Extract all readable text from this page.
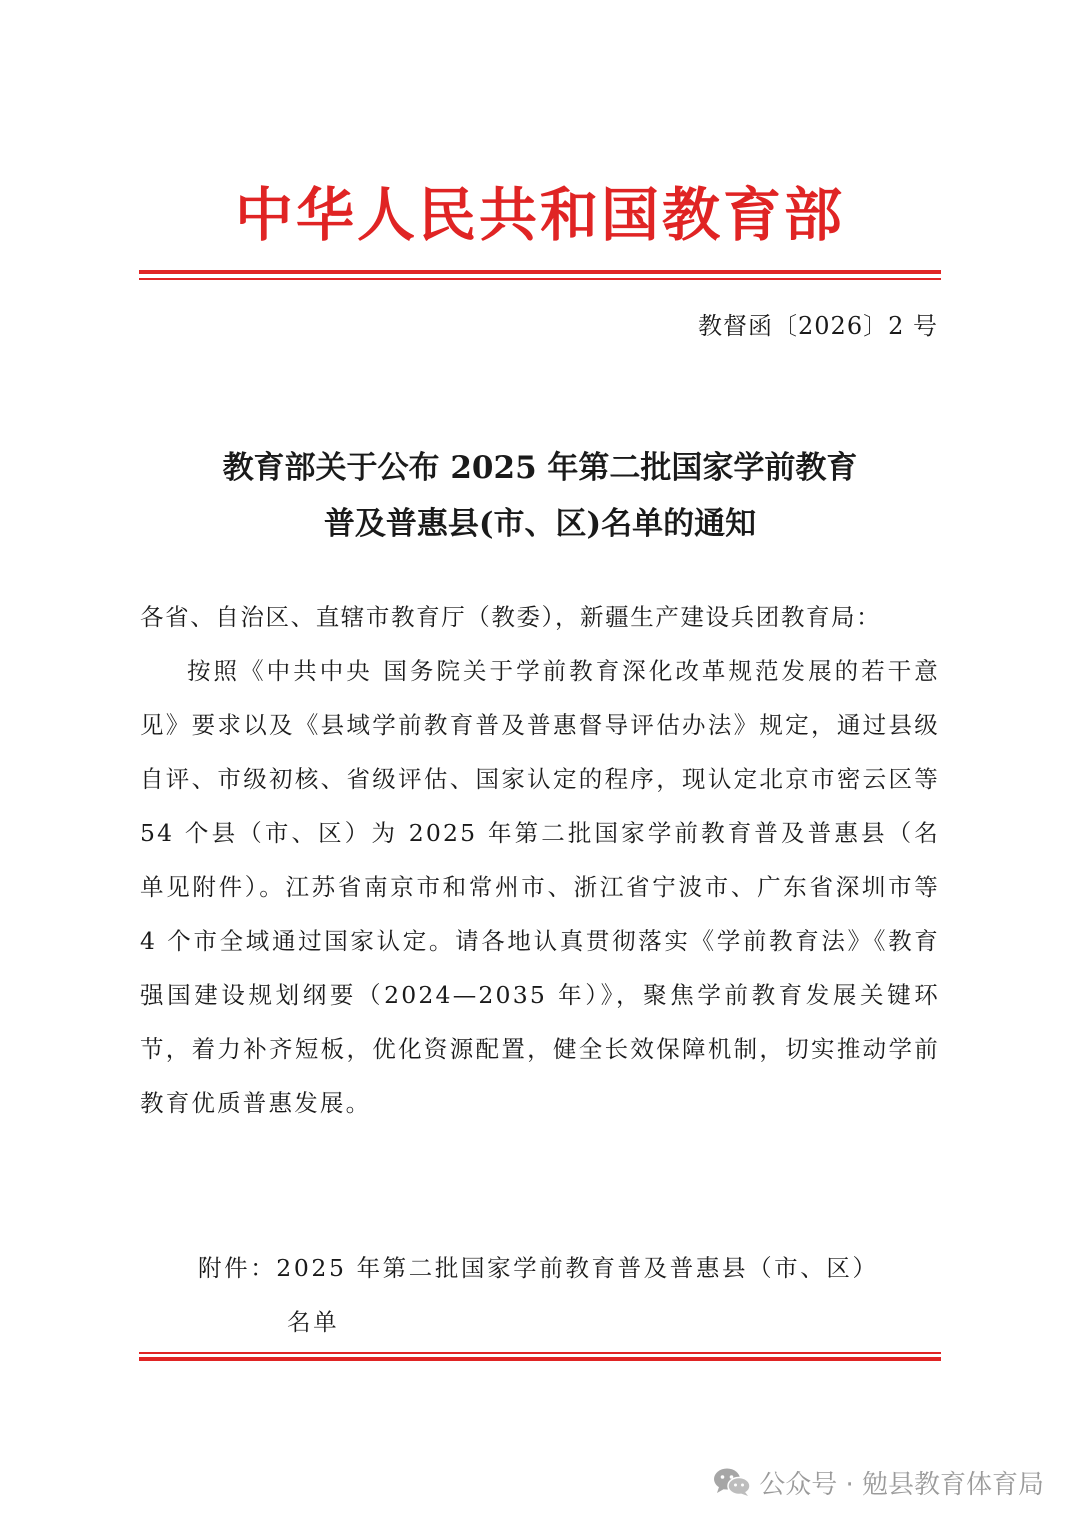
中华人民共和国教育部
教督函〔2026〕2 号
教育部关于公布 2025 年第二批国家学前教育
普及普惠县(市、区)名单的通知
各省、自治区、直辖市教育厅（教委），新疆生产建设兵团教育局：
按照《中共中央 国务院关于学前教育深化改革规范发展的若干意见》要求以及《县域学前教育普及普惠督导评估办法》规定，通过县级自评、市级初核、省级评估、国家认定的程序，现认定北京市密云区等 54 个县（市、区）为 2025 年第二批国家学前教育普及普惠县（名单见附件）。江苏省南京市和常州市、浙江省宁波市、广东省深圳市等 4 个市全域通过国家认定。请各地认真贯彻落实《学前教育法》《教育强国建设规划纲要（2024—2035 年）》，聚焦学前教育发展关键环节，着力补齐短板，优化资源配置，健全长效保障机制，切实推动学前教育优质普惠发展。
附件：2025 年第二批国家学前教育普及普惠县（市、区）
名单
公众号 · 勉县教育体育局
